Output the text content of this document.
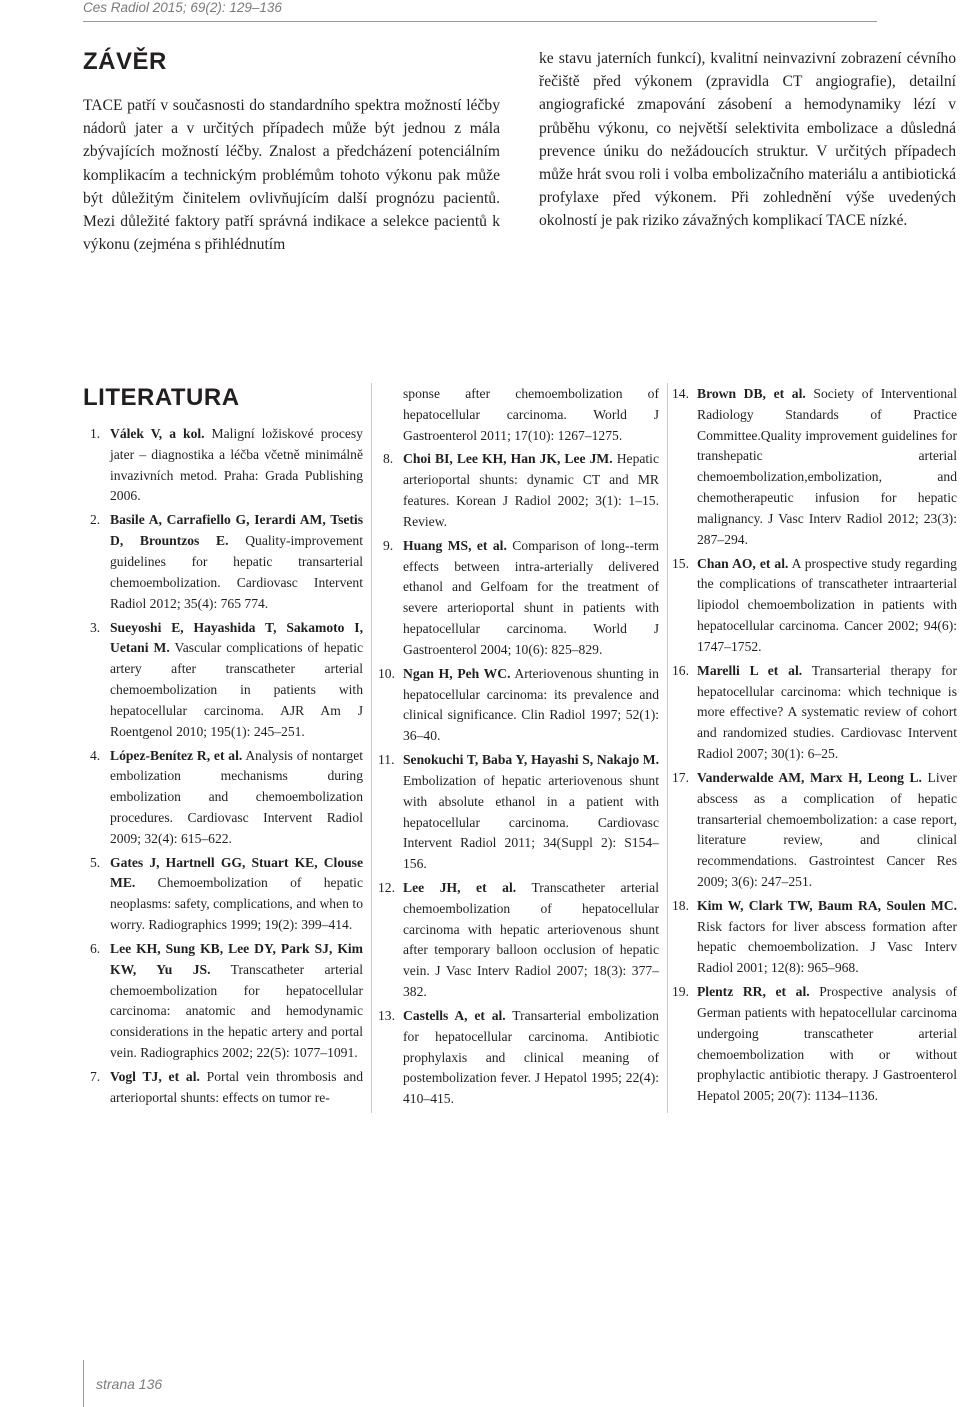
Ces Radiol 2015; 69(2): 129–136
ZÁVĚR

TACE patří v současnosti do standardního spektra možností léčby nádorů jater a v určitých případech může být jednou z mála zbývajících možností léčby. Znalost a předcházení potenciálním komplikacím a technickým problémům tohoto výkonu pak může být důležitým činitelem ovlivňujícím další prognózu pacientů. Mezi důležité faktory patří správná indikace a selekce pacientů k výkonu (zejména s přihlédnutím

ke stavu jaterních funkcí), kvalitní neinvazivní zobrazení cévního řečiště před výkonem (zpravidla CT angiografie), detailní angiografické zmapování zásobení a hemodynamiky lézí v průběhu výkonu, co největší selektivita embolizace a důsledná prevence úniku do nežádoucích struktur. V určitých případech může hrát svou roli i volba embolizačního materiálu a antibiotická profylaxe před výkonem. Při zohlednění výše uvedených okolností je pak riziko závažných komplikací TACE nízké.

LITERATURA
1. Válek V, a kol. Maligní ložiskové procesy jater – diagnostika a léčba včetně minimálně invazivních metod. Praha: Grada Publishing 2006.
2. Basile A, Carrafiello G, Ierardi AM, Tsetis D, Brountzos E. Quality-improvement guidelines for hepatic transarterial chemoembolization. Cardiovasc Intervent Radiol 2012; 35(4): 765 774.
3. Sueyoshi E, Hayashida T, Sakamoto I, Uetani M. Vascular complications of hepatic artery after transcatheter arterial chemoembolization in patients with hepatocellular carcinoma. AJR Am J Roentgenol 2010; 195(1): 245–251.
4. López-Benítez R, et al. Analysis of nontarget embolization mechanisms during embolization and chemoembolization procedures. Cardiovasc Intervent Radiol 2009; 32(4): 615–622.
5. Gates J, Hartnell GG, Stuart KE, Clouse ME. Chemoembolization of hepatic neoplasms: safety, complications, and when to worry. Radiographics 1999; 19(2): 399–414.
6. Lee KH, Sung KB, Lee DY, Park SJ, Kim KW, Yu JS. Transcatheter arterial chemoembolization for hepatocellular carcinoma: anatomic and hemodynamic considerations in the hepatic artery and portal vein. Radiographics 2002; 22(5): 1077–1091.
7. Vogl TJ, et al. Portal vein thrombosis and arterioportal shunts: effects on tumor re-

sponse after chemoembolization of hepatocellular carcinoma. World J Gastroenterol 2011; 17(10): 1267–1275.

8. Choi BI, Lee KH, Han JK, Lee JM. Hepatic arterioportal shunts: dynamic CT and MR features. Korean J Radiol 2002; 3(1): 1–15. Review.
9. Huang MS, et al. Comparison of long--term effects between intra-arterially delivered ethanol and Gelfoam for the treatment of severe arterioportal shunt in patients with hepatocellular carcinoma. World J Gastroenterol 2004; 10(6): 825–829.
10. Ngan H, Peh WC. Arteriovenous shunting in hepatocellular carcinoma: its prevalence and clinical significance. Clin Radiol 1997; 52(1): 36–40.
11. Senokuchi T, Baba Y, Hayashi S, Nakajo M. Embolization of hepatic arteriovenous shunt with absolute ethanol in a patient with hepatocellular carcinoma. Cardiovasc Intervent Radiol 2011; 34(Suppl 2): S154–156.
12. Lee JH, et al. Transcatheter arterial chemoembolization of hepatocellular carcinoma with hepatic arteriovenous shunt after temporary balloon occlusion of hepatic vein. J Vasc Interv Radiol 2007; 18(3): 377–382.
13. Castells A, et al. Transarterial embolization for hepatocellular carcinoma. Antibiotic prophylaxis and clinical meaning of postembolization fever. J Hepatol 1995; 22(4): 410–415.
14. Brown DB, et al. Society of Interventional Radiology Standards of Practice Committee.Quality improvement guidelines for transhepatic arterial chemoembolization,embolization, and chemotherapeutic infusion for hepatic malignancy. J Vasc Interv Radiol 2012; 23(3): 287–294.
15. Chan AO, et al. A prospective study regarding the complications of transcatheter intraarterial lipiodol chemoembolization in patients with hepatocellular carcinoma. Cancer 2002; 94(6): 1747–1752.
16. Marelli L et al. Transarterial therapy for hepatocellular carcinoma: which technique is more effective? A systematic review of cohort and randomized studies. Cardiovasc Intervent Radiol 2007; 30(1): 6–25.
17. Vanderwalde AM, Marx H, Leong L. Liver abscess as a complication of hepatic transarterial chemoembolization: a case report, literature review, and clinical recommendations. Gastrointest Cancer Res 2009; 3(6): 247–251.
18. Kim W, Clark TW, Baum RA, Soulen MC. Risk factors for liver abscess formation after hepatic chemoembolization. J Vasc Interv Radiol 2001; 12(8): 965–968.
19. Plentz RR, et al. Prospective analysis of German patients with hepatocellular carcinoma undergoing transcatheter arterial chemoembolization with or without prophylactic antibiotic therapy. J Gastroenterol Hepatol 2005; 20(7): 1134–1136.
strana 136
